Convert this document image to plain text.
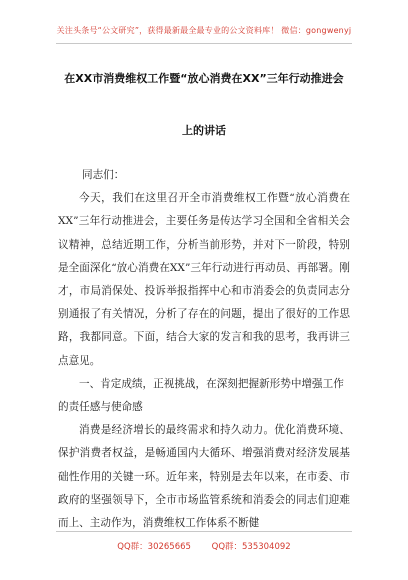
关注头条号“公文研究”，获得最新最全最专业的公文资料库！ 微信：gongwenyj
在XX市消费维权工作暨“放心消费在XX”三年行动推进会
上的讲话

同志们：

今天，我们在这里召开全市消费维权工作暨“放心消费在XX”三年行动推进会，主要任务是传达学习全国和全省相关会议精神，总结近期工作，分析当前形势，并对下一阶段，特别是全面深化“放心消费在XX”三年行动进行再动员、再部署。刚才，市局消保处、投诉举报指挥中心和市消委会的负责同志分别通报了有关情况，分析了存在的问题，提出了很好的工作思路，我都同意。下面，结合大家的发言和我的思考，我再讲三点意见。

一、肯定成绩，正视挑战，在深刻把握新形势中增强工作的责任感与使命感

消费是经济增长的最终需求和持久动力。优化消费环境、保护消费者权益，是畅通国内大循环、增强消费对经济发展基础性作用的关键一环。近年来，特别是去年以来，在市委、市政府的坚强领导下，全市市场监管系统和消委会的同志们迎难而上、主动作为，消费维权工作体系不断健

QQ群：30265665 QQ群：535304092
